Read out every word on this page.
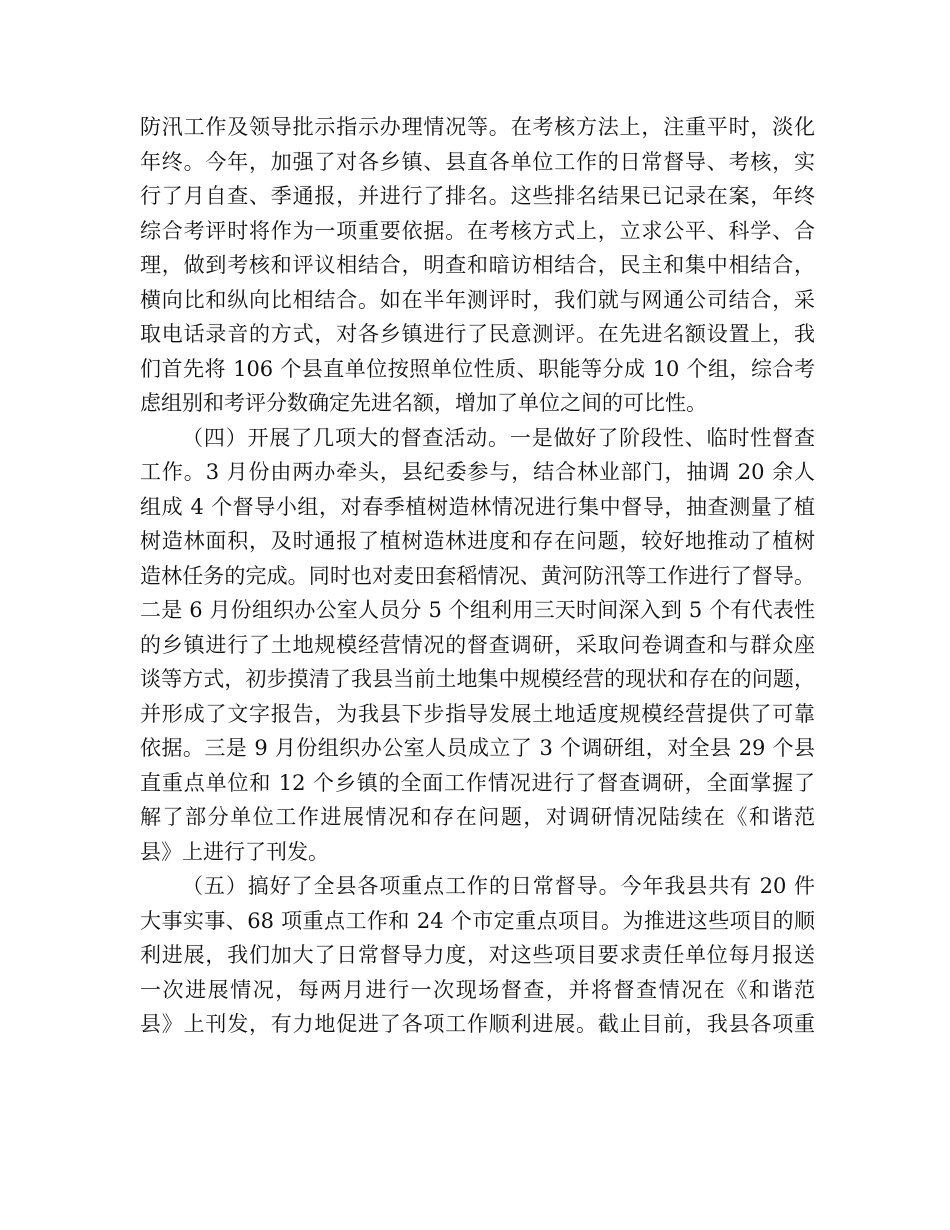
防汛工作及领导批示指示办理情况等。在考核方法上，注重平时，淡化
年终。今年，加强了对各乡镇、县直各单位工作的日常督导、考核，实
行了月自查、季通报，并进行了排名。这些排名结果已记录在案，年终
综合考评时将作为一项重要依据。在考核方式上，立求公平、科学、合
理，做到考核和评议相结合，明查和暗访相结合，民主和集中相结合，
横向比和纵向比相结合。如在半年测评时，我们就与网通公司结合，采
取电话录音的方式，对各乡镇进行了民意测评。在先进名额设置上，我
们首先将 106 个县直单位按照单位性质、职能等分成 10 个组，综合考
虑组别和考评分数确定先进名额，增加了单位之间的可比性。
（四）开展了几项大的督查活动。一是做好了阶段性、临时性督查
工作。3 月份由两办牵头，县纪委参与，结合林业部门，抽调 20 余人
组成 4 个督导小组，对春季植树造林情况进行集中督导，抽查测量了植
树造林面积，及时通报了植树造林进度和存在问题，较好地推动了植树
造林任务的完成。同时也对麦田套稻情况、黄河防汛等工作进行了督导。
二是 6 月份组织办公室人员分 5 个组利用三天时间深入到 5 个有代表性
的乡镇进行了土地规模经营情况的督查调研，采取问卷调查和与群众座
谈等方式，初步摸清了我县当前土地集中规模经营的现状和存在的问题，
并形成了文字报告，为我县下步指导发展土地适度规模经营提供了可靠
依据。三是 9 月份组织办公室人员成立了 3 个调研组，对全县 29 个县
直重点单位和 12 个乡镇的全面工作情况进行了督查调研，全面掌握了
解了部分单位工作进展情况和存在问题，对调研情况陆续在《和谐范
县》上进行了刊发。
（五）搞好了全县各项重点工作的日常督导。今年我县共有 20 件
大事实事、68 项重点工作和 24 个市定重点项目。为推进这些项目的顺
利进展，我们加大了日常督导力度，对这些项目要求责任单位每月报送
一次进展情况，每两月进行一次现场督查，并将督查情况在《和谐范
县》上刊发，有力地促进了各项工作顺利进展。截止目前，我县各项重
